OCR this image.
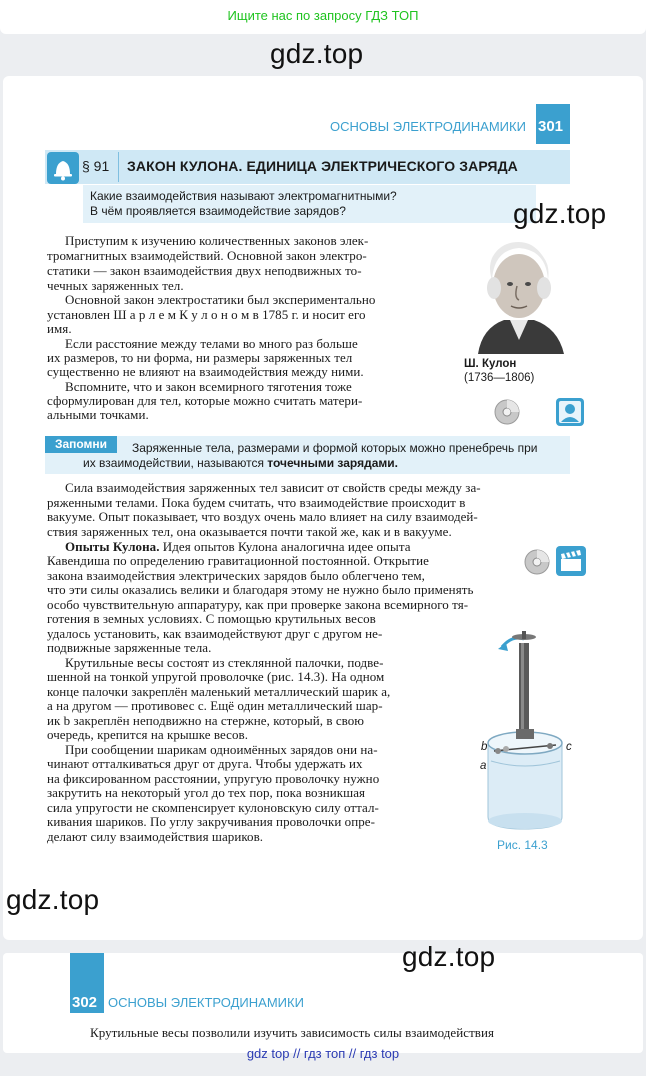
Ищите нас по запросу ГДЗ ТОП
gdz.top
ОСНОВЫ ЭЛЕКТРОДИНАМИКИ 301
§ 91 ЗАКОН КУЛОНА. ЕДИНИЦА ЭЛЕКТРИЧЕСКОГО ЗАРЯДА
Какие взаимодействия называют электромагнитными?
В чём проявляется взаимодействие зарядов?	gdz.top
Приступим к изучению количественных законов элек-
тромагнитных взаимодействий. Основной закон электро-
статики — закон взаимодействия двух неподвижных то-
чечных заряженных тел.
Основной закон электростатики был экспериментально
установлен Ш а р л е м К у л о н о м в 1785 г. и носит его
имя.
Если расстояние между телами во много раз больше
их размеров, то ни форма, ни размеры заряженных тел
существенно не влияют на взаимодействия между ними.
Вспомните, что и закон всемирного тяготения тоже
сформулирован для тел, которые можно считать матери-
альными точками.
Ш. Кулон
(1736—1806)
Запомни	Заряженные тела, размерами и формой которых можно пренебречь при
их взаимодействии, называются точечными зарядами.
Сила взаимодействия заряженных тел зависит от свойств среды между за-
ряженными телами. Пока будем считать, что взаимодействие происходит в
вакууме. Опыт показывает, что воздух очень мало влияет на силу взаимодей-
ствия заряженных тел, она оказывается почти такой же, как и в вакууме.
Опыты Кулона. Идея опытов Кулона аналогична идее опыта
Кавендиша по определению гравитационной постоянной. Открытие
закона взаимодействия электрических зарядов было облегчено тем,
что эти силы оказались велики и благодаря этому не нужно было применять
особо чувствительную аппаратуру, как при проверке закона всемирного тя-
готения в земных условиях. С помощью крутильных весов
удалось установить, как взаимодействуют друг с другом не-
подвижные заряженные тела.
Крутильные весы состоят из стеклянной палочки, подве-
шенной на тонкой упругой проволочке (рис. 14.3). На одном
конце палочки закреплён маленький металлический шарик а,
а на другом — противовес с. Ещё один металлический шар-
ик b закреплён неподвижно на стержне, который, в свою
очередь, крепится на крышке весов.
При сообщении шарикам одноимённых зарядов они на-
чинают отталкиваться друг от друга. Чтобы удержать их
на фиксированном расстоянии, упругую проволочку нужно
закрутить на некоторый угол до тех пор, пока возникшая
сила упругости не скомпенсирует кулоновскую силу оттал-
кивания шариков. По углу закручивания проволочки опре-
делают силу взаимодействия шариков.
b	c
a
Рис. 14.3
gdz.top
302 ОСНОВЫ ЭЛЕКТРОДИНАМИКИ
Крутильные весы позволили изучить зависимость силы взаимодействия
gdz.top
gdz top // гдз топ // гдз top
